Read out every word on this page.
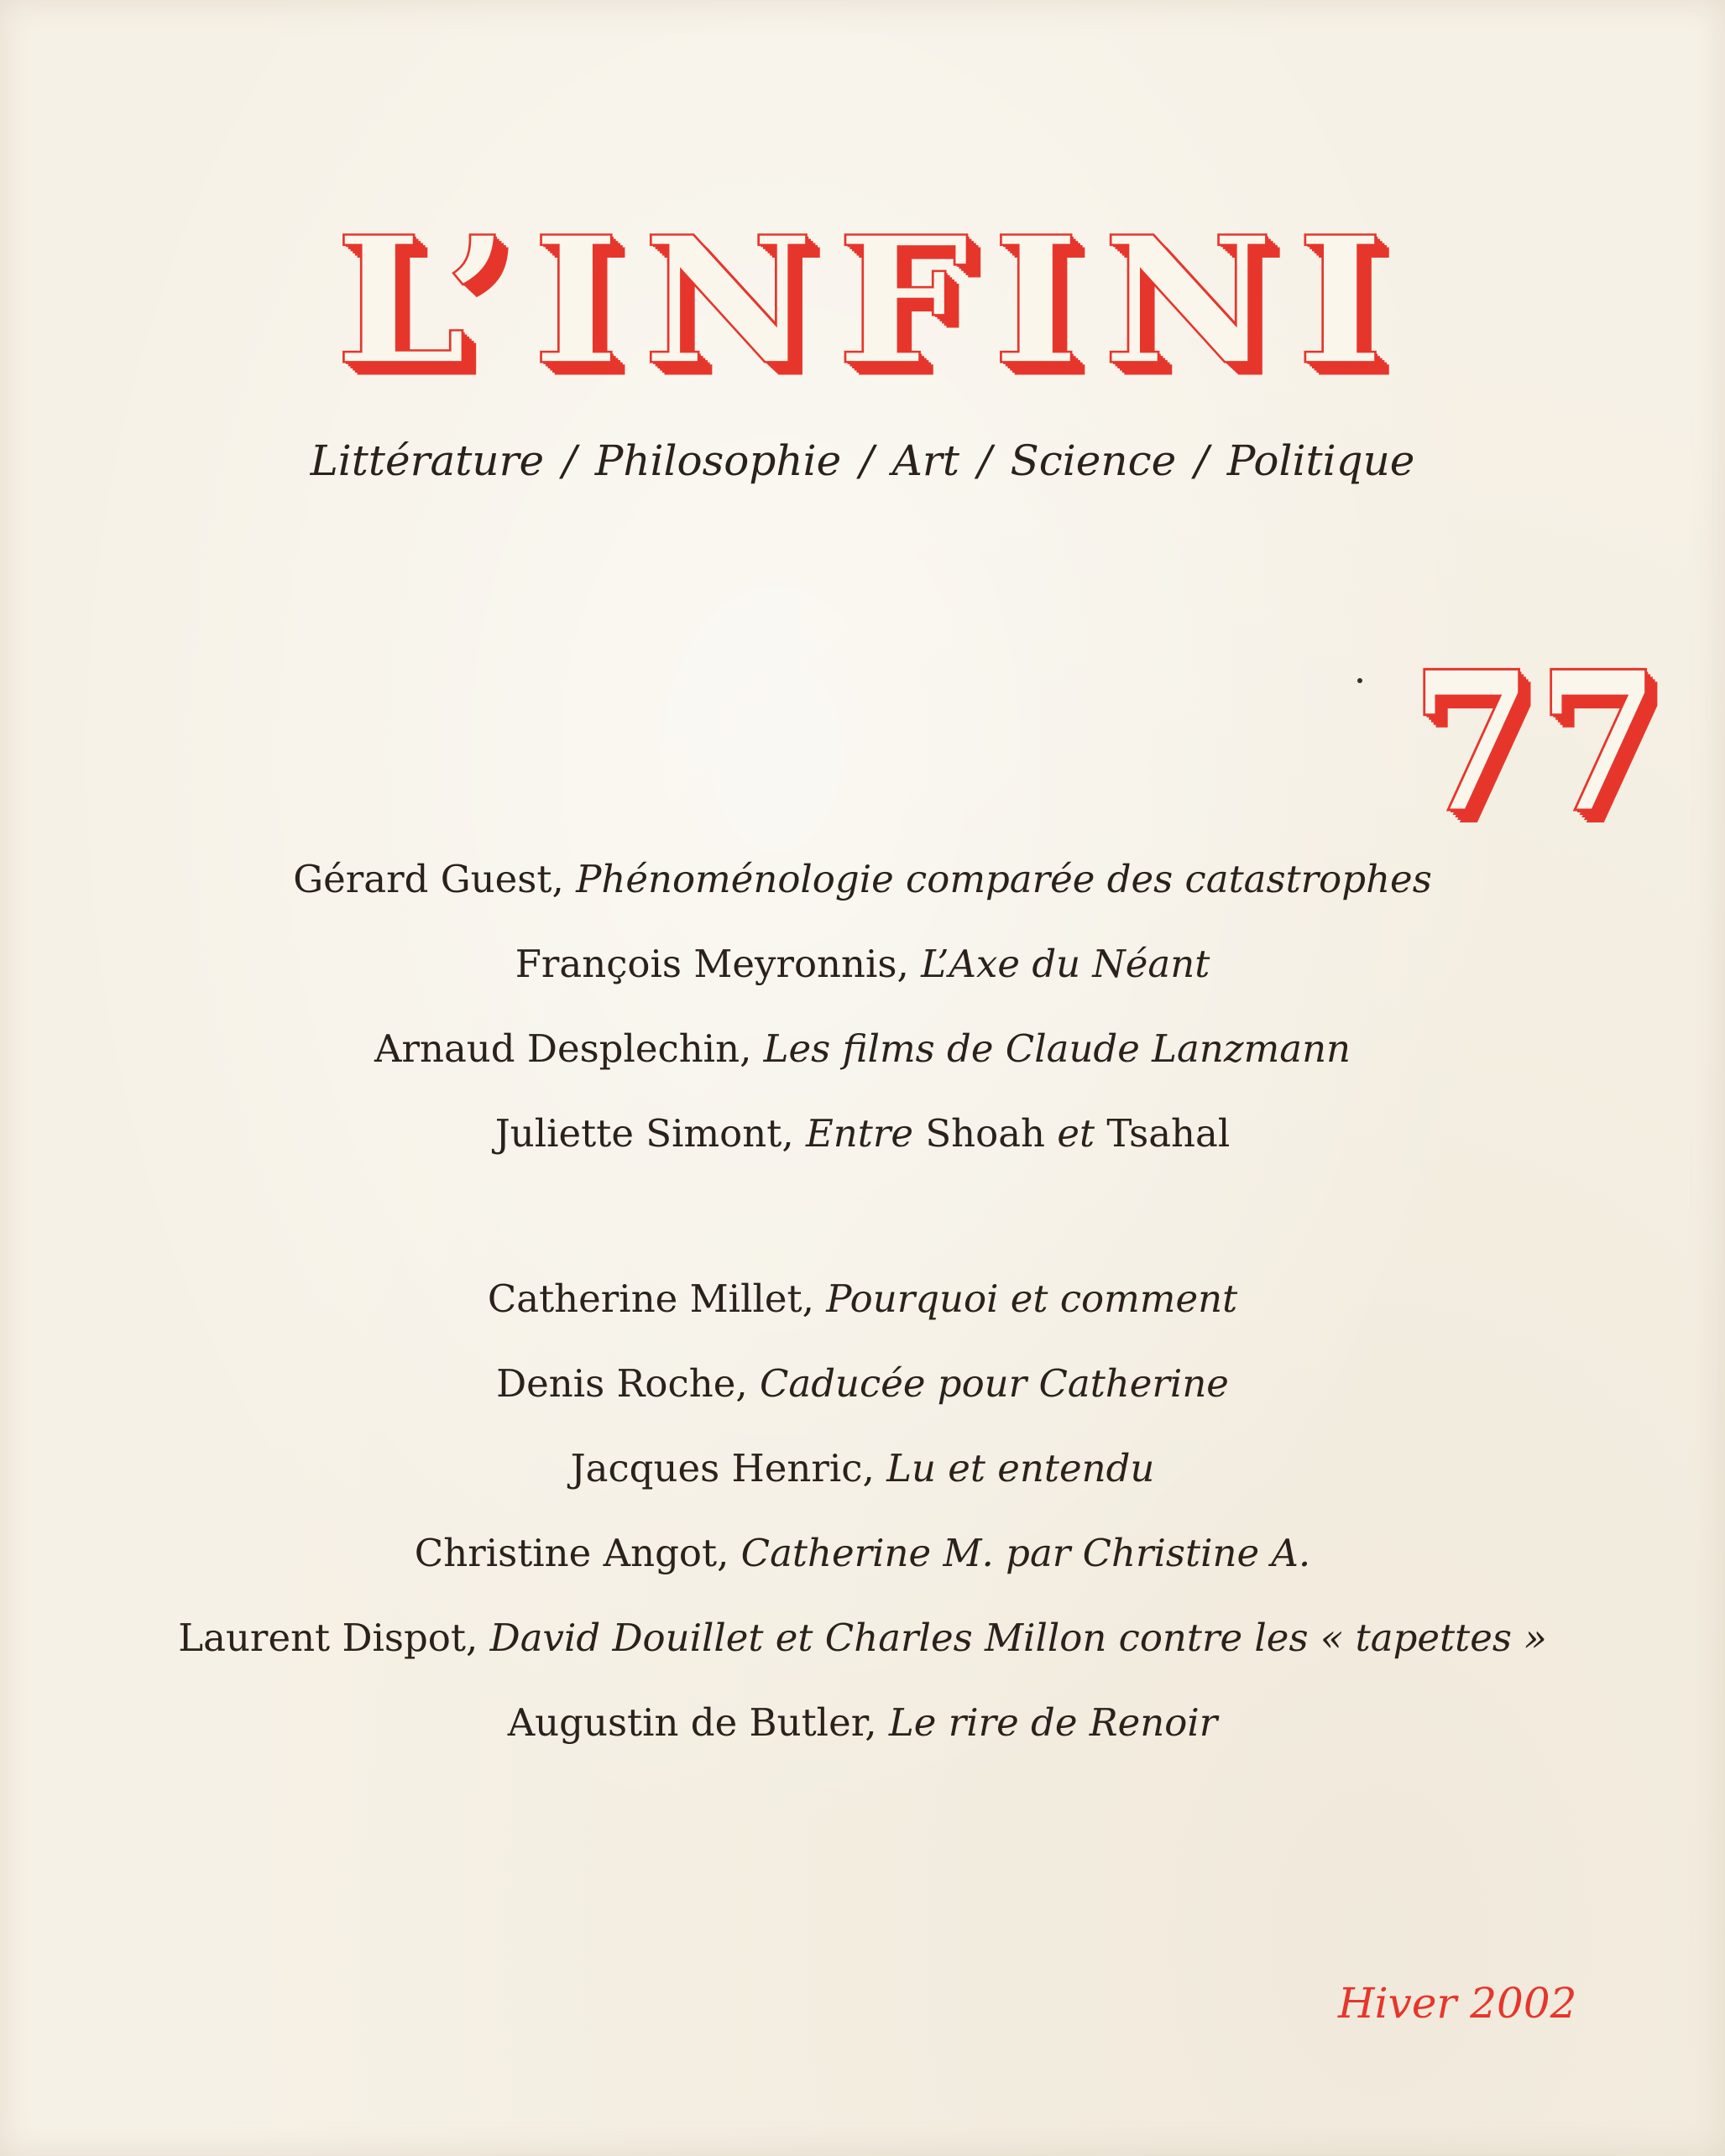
L’INFINI
Littérature / Philosophie / Art / Science / Politique
77
Gérard Guest, Phénoménologie comparée des catastrophes
François Meyronnis, L’Axe du Néant
Arnaud Desplechin, Les films de Claude Lanzmann
Juliette Simont, Entre Shoah et Tsahal
Catherine Millet, Pourquoi et comment
Denis Roche, Caducée pour Catherine
Jacques Henric, Lu et entendu
Christine Angot, Catherine M. par Christine A.
Laurent Dispot, David Douillet et Charles Millon contre les « tapettes »
Augustin de Butler, Le rire de Renoir
Hiver 2002
